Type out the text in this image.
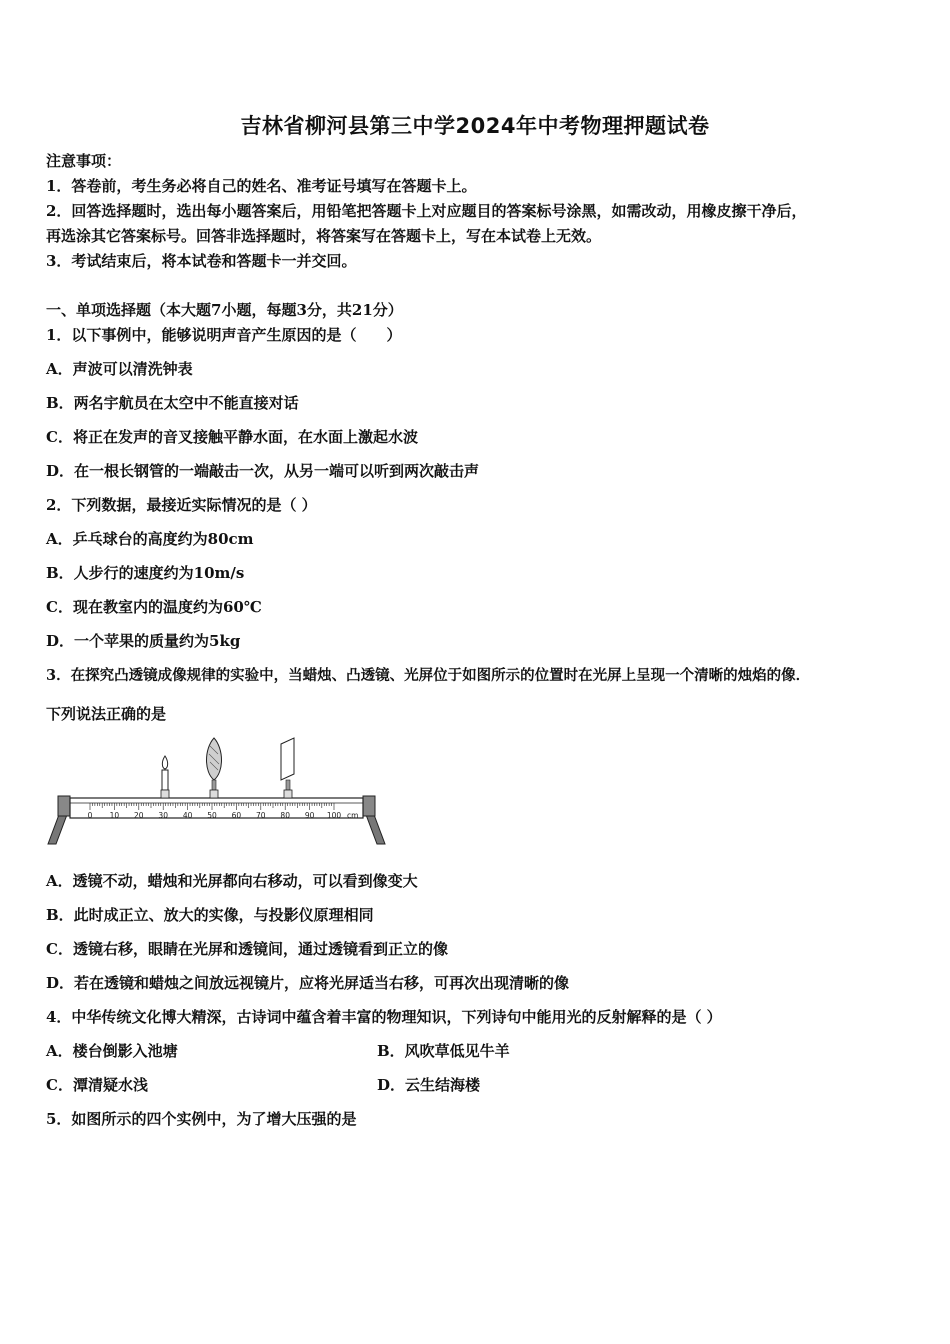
吉林省柳河县第三中学2024年中考物理押题试卷
注意事项：
1．答卷前，考生务必将自己的姓名、准考证号填写在答题卡上。
2．回答选择题时，选出每小题答案后，用铅笔把答题卡上对应题目的答案标号涂黑，如需改动，用橡皮擦干净后，
再选涂其它答案标号。回答非选择题时，将答案写在答题卡上，写在本试卷上无效。
3．考试结束后，将本试卷和答题卡一并交回。
一、单项选择题（本大题7小题，每题3分，共21分）
1．以下事例中，能够说明声音产生原因的是（　　）
A．声波可以清洗钟表
B．两名宇航员在太空中不能直接对话
C．将正在发声的音叉接触平静水面，在水面上激起水波
D．在一根长钢管的一端敲击一次，从另一端可以听到两次敲击声
2．下列数据，最接近实际情况的是（ ）
A．乒乓球台的高度约为80cm
B．人步行的速度约为10m/s
C．现在教室内的温度约为60℃
D．一个苹果的质量约为5kg
3．在探究凸透镜成像规律的实验中，当蜡烛、凸透镜、光屏位于如图所示的位置时在光屏上呈现一个清晰的烛焰的像．
下列说法正确的是
0 10 20 30 40 50 60 70 80 90 100 cm
A．透镜不动，蜡烛和光屏都向右移动，可以看到像变大
B．此时成正立、放大的实像，与投影仪原理相同
C．透镜右移，眼睛在光屏和透镜间，通过透镜看到正立的像
D．若在透镜和蜡烛之间放远视镜片，应将光屏适当右移，可再次出现清晰的像
4．中华传统文化博大精深，古诗词中蕴含着丰富的物理知识，下列诗句中能用光的反射解释的是（ ）
A．楼台倒影入池塘	B．风吹草低见牛羊
C．潭清疑水浅	D．云生结海楼
5．如图所示的四个实例中，为了增大压强的是
